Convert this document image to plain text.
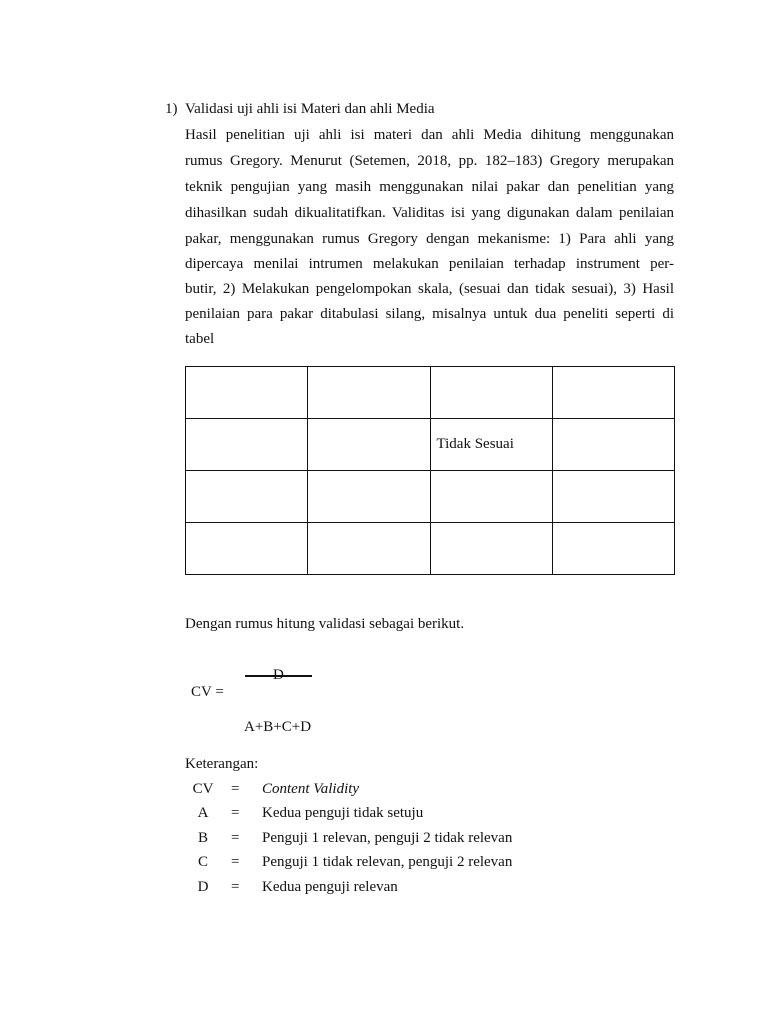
1) Validasi uji ahli isi Materi dan ahli Media
Hasil penelitian uji ahli isi materi dan ahli Media dihitung menggunakan
rumus Gregory. Menurut (Setemen, 2018, pp. 182–183) Gregory merupakan
teknik pengujian yang masih menggunakan nilai pakar dan penelitian yang
dihasilkan sudah dikualitatifkan. Validitas isi yang digunakan dalam penilaian
pakar, menggunakan rumus Gregory dengan mekanisme: 1) Para ahli yang
dipercaya menilai intrumen melakukan penilaian terhadap instrument per-
butir, 2) Melakukan pengelompokan skala, (sesuai dan tidak sesuai), 3) Hasil
penilaian para pakar ditabulasi silang, misalnya untuk dua peneliti seperti di
tabel

		Tidak Sesuai	

Dengan rumus hitung validasi sebagai berikut.
CV =
D
A+B+C+D
Keterangan:
CV	= Content Validity
A	= Kedua penguji tidak setuju
B	= Penguji 1 relevan, penguji 2 tidak relevan
C	= Penguji 1 tidak relevan, penguji 2 relevan
D	= Kedua penguji relevan
